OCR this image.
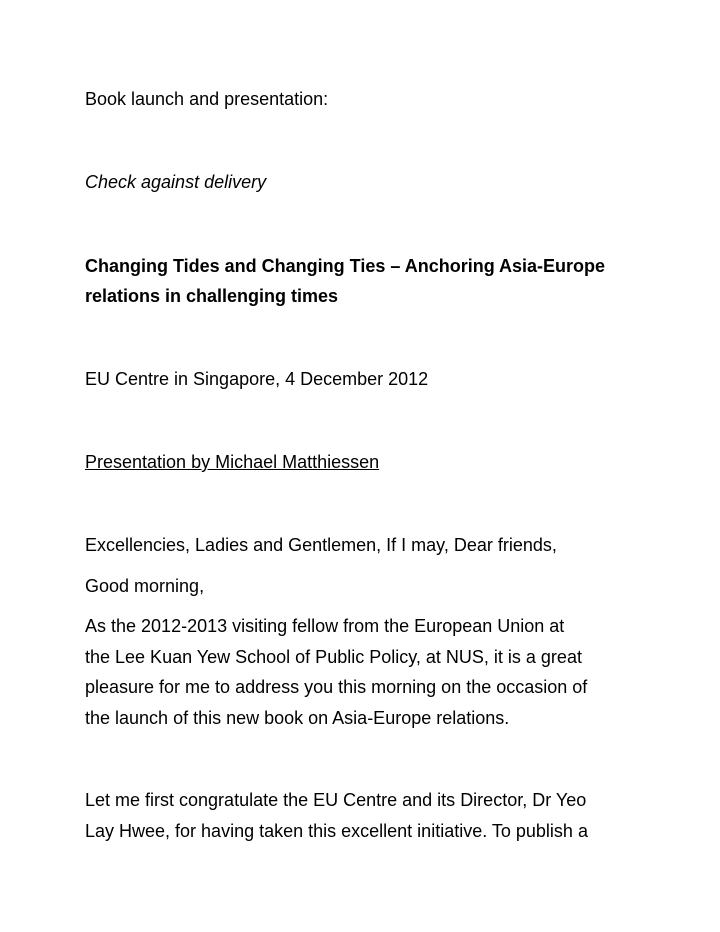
Book launch and presentation:

Check against delivery

Changing Tides and Changing Ties – Anchoring Asia-Europe

relations in challenging times

EU Centre in Singapore, 4 December 2012

Presentation by Michael Matthiessen

Excellencies, Ladies and Gentlemen, If I may, Dear friends,

Good morning,

As the 2012-2013 visiting fellow from the European Union at

the Lee Kuan Yew School of Public Policy, at NUS, it is a great

pleasure for me to address you this morning on the occasion of

the launch of this new book on Asia-Europe relations.

Let me first congratulate the EU Centre and its Director, Dr Yeo

Lay Hwee, for having taken this excellent initiative. To publish a
